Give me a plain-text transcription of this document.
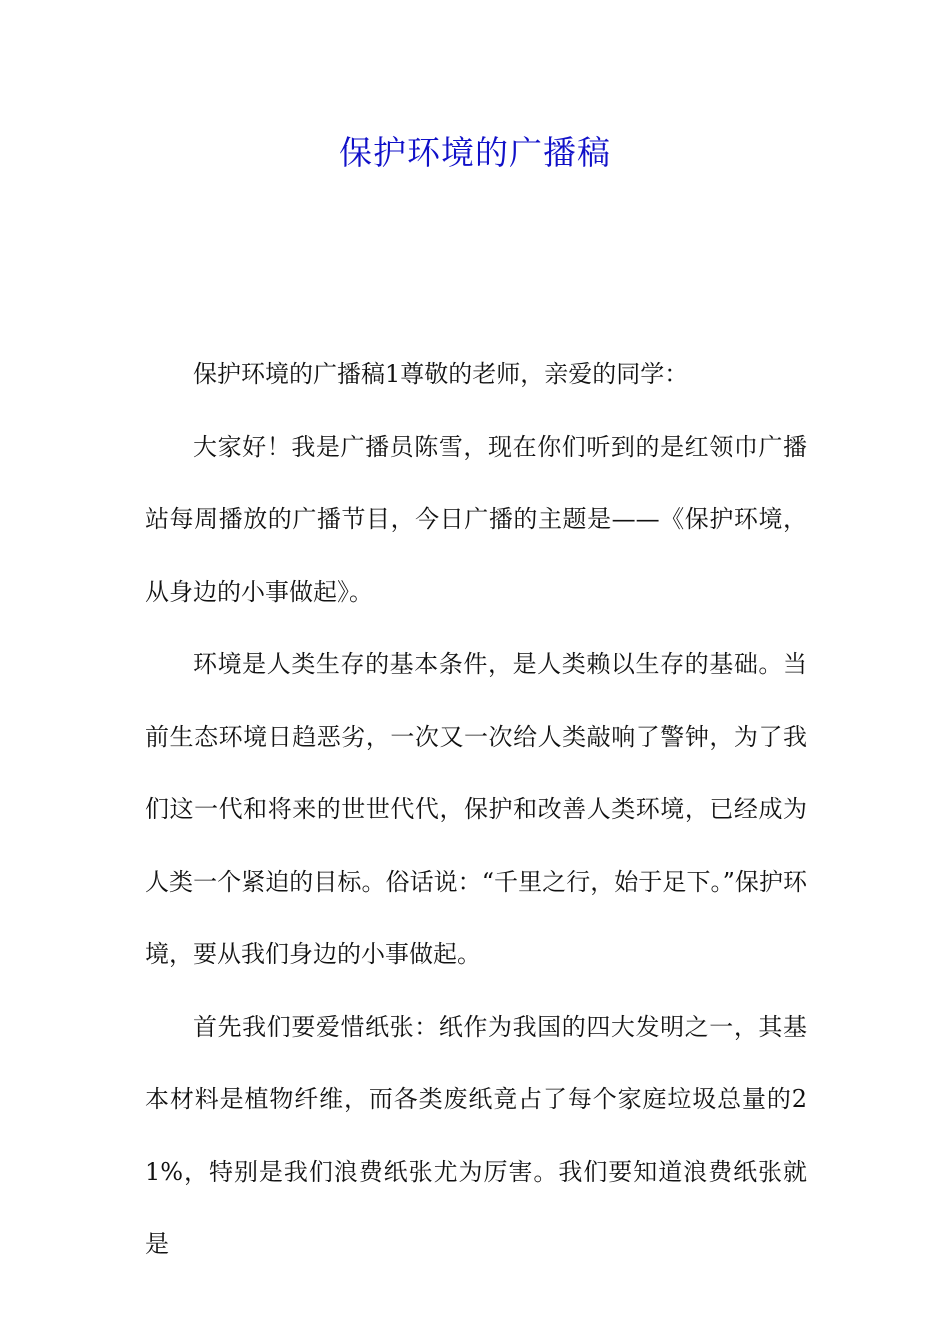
保护环境的广播稿

保护环境的广播稿1尊敬的老师，亲爱的同学：

大家好！我是广播员陈雪，现在你们听到的是红领巾广播站每周播放的广播节目，今日广播的主题是——《保护环境，从身边的小事做起》。

环境是人类生存的基本条件，是人类赖以生存的基础。当前生态环境日趋恶劣，一次又一次给人类敲响了警钟，为了我们这一代和将来的世世代代，保护和改善人类环境，已经成为人类一个紧迫的目标。俗话说：“千里之行，始于足下。”保护环境，要从我们身边的小事做起。

首先我们要爱惜纸张：纸作为我国的四大发明之一，其基本材料是植物纤维，而各类废纸竟占了每个家庭垃圾总量的21%，特别是我们浪费纸张尤为厉害。我们要知道浪费纸张就是
